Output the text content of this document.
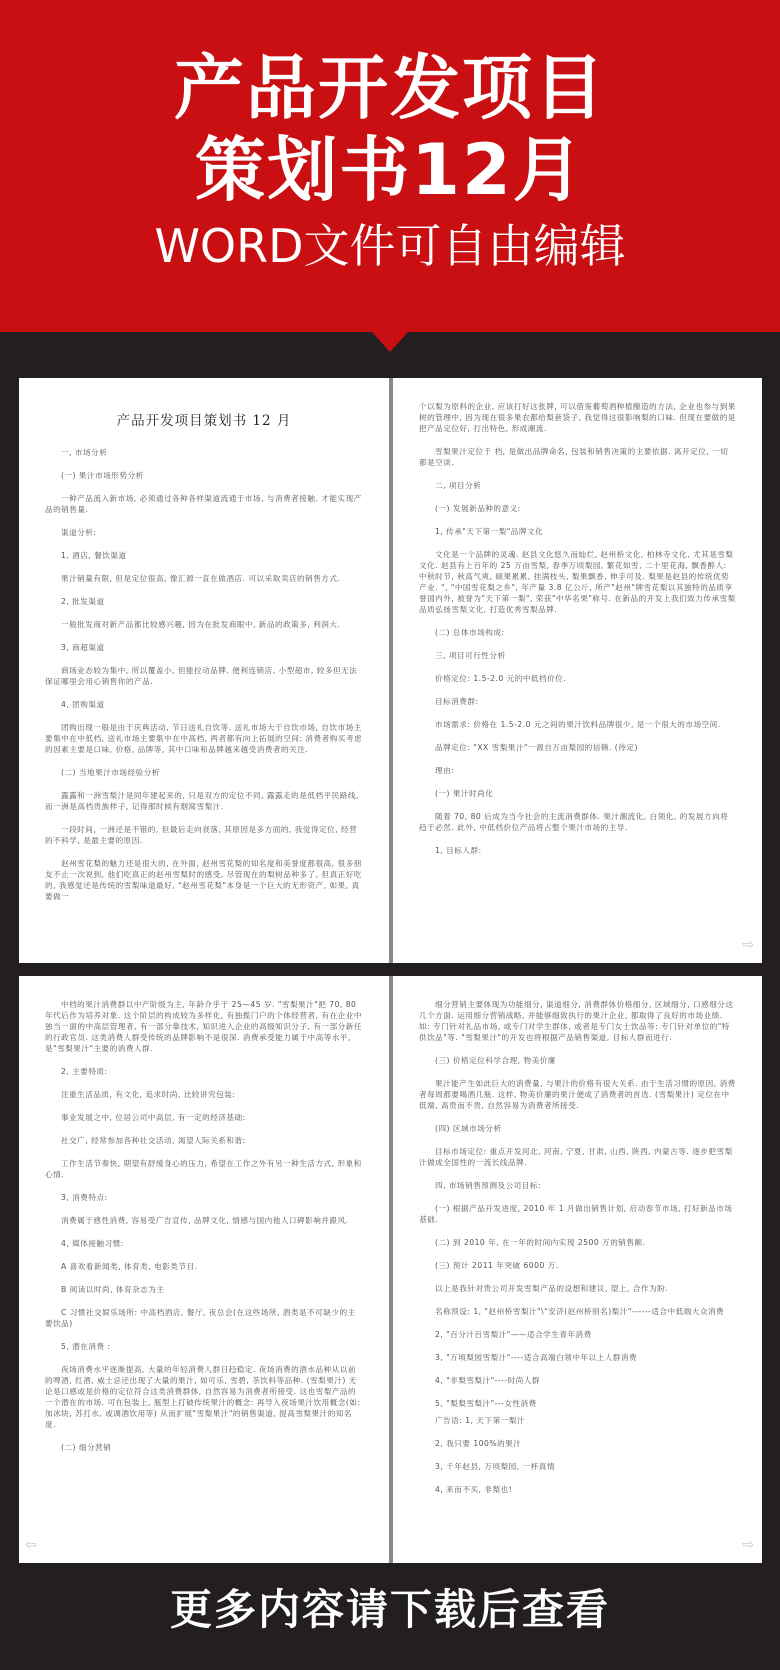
产品开发项目
策划书12月
WORD文件可自由编辑
产品开发项目策划书 12 月
一, 市场分析
(一) 果汁市场形势分析
一种产品流入新市场, 必须通过各种各样渠道流通于市场, 与消费者接触. 才能实现产品的销售量.
渠道分析:
1, 酒店, 餐饮渠道
果汁销量有限, 但是定位很高, 像汇源一直在做酒店. 可以采取卖店的销售方式.
2, 批发渠道
一般批发商对新产品都比较感兴趣, 因为在批发商眼中, 新品的政策多, 利润大.
3, 商超渠道
商场业态较为集中, 所以覆盖小, 但能拉动品牌. 便利连锁店, 小型超市, 较多但无法保证哪里会用心销售你的产品.
4, 团购渠道
团购出现一般是由于庆典活动, 节日送礼自饮等. 送礼市场大于自饮市场, 自饮市场主要集中在中低档, 送礼市场主要集中在中高档, 两者都有向上拓展的空间: 消费者购买考虑的因素主要是口味, 价格, 品牌等, 其中口味和品牌越来越受消费者的关注.
(二) 当地果汁市场经验分析
露露和一洲雪梨汁是同年建起来的, 只是双方的定位不同, 露露走的是低档平民路线, 而一洲是高档贵族样子, 记得那时候有烟窝雪梨汁.
一段时间, 一洲还是不错的, 但最后走向衰落, 其原因是多方面的, 我觉得定位, 经营的不科学, 是最主要的原因.
赵州雪花梨的魅力还是很大的, 在外面, 赵州雪花梨的知名度和美誉度都很高, 很多朋友不止一次说到, 他们吃真正的赵州雪梨时的感受, 尽管现在的梨树品种多了, 但真正好吃的, 我感觉还是传统的雪梨味道最好, "赵州雪花梨"本身是一个巨大的无形资产, 如果, 真要做一
个以梨为原料的企业, 应该打好这张牌, 可以借鉴葡萄酒种植酿造的方法, 企业也参与到果树的管理中, 因为现在很多果农都给梨套袋子, 我觉得这很影响梨的口味. 但现在要做的是把产品定位好, 打出特色, 形成潮流.
雪梨果汁定位于 档, 是做出品牌命名, 包装和销售决策的主要依据. 离开定位, 一切都是空谈.
二, 项目分析
(一) 发展新品种的意义:
1, 传承"天下第一梨"品牌文化
文化是一个品牌的灵魂. 赵县文化悠久而灿烂, 赵州桥文化, 柏林寺文化, 尤其是雪梨文化. 赵县有上百年的 25 万亩雪梨, 春季万顷梨园, 繁花如雪, 二十里花海, 飘香醉人: 中秋时节, 秋高气爽, 硕果累累, 挂满枝头, 梨果飘香, 伸手可及. 梨果是赵县的传统优势产业. ", "中国雪花梨之乡", 年产量 3.8 亿公斤, 所产"赵州"牌雪花梨以其独特的品质享誉国内外, 被誉为"天下第一梨", 荣获"中华名果"称号. 在新品的开发上我们致力传承雪梨品质弘扬雪梨文化, 打造优秀雪梨品牌.
(二) 总体市场构成:
三, 项目可行性分析
价格定位: 1.5-2.0 元的中低档价位.
目标消费群:
市场需求: 价格在 1.5-2.0 元之间的果汁饮料品牌很少, 是一个很大的市场空间.
品牌定位: "XX 雪梨果汁"一源自万亩梨园的信赖. (待定)
理由:
(一) 果汁时尚化
随着 70, 80 后成为当今社会的主流消费群体. 果汁潮流化, 白领化, 的发展方向将趋于必然. 此外, 中低档价位产品将占整个果汁市场的主导.
1, 目标人群:
⇨
中档的果汁消费群以中产阶级为主, 年龄介乎于 25—45 岁. "雪梨果汁"把 70, 80 年代后作为培养对象. 这个阶层的构成较为多样化, 有独揽门户的个体经营者, 有在企业中独当一面的中高层管理者, 有一部分靠技术, 知识进入企业的高级知识分子, 有一部分新任的行政官员. 这类消费人群受传统的品牌影响不是很深. 消费承受能力属于中高等水平, 是"雪梨果汁"主要的消费人群.
2, 主要特质:
注重生活品质, 有文化, 追求时尚, 比较讲究包装:
事业发展之中, 位居公司中高层, 有一定的经济基础:
社交广, 经常参加各种社交活动, 渴望人际关系和谐:
工作生活节奏快, 期望有舒缓身心的压力, 希望在工作之外有另一种生活方式, 形象和心情.
3, 消费特点:
消费属于感性消费, 容易受广告宣传, 品牌文化, 情感与国内他人口碑影响并跟风.
4, 媒体接触习惯:
A 喜欢看新闻类, 体育类, 电影类节目.
B 阅读以时尚, 体育杂志为主
C 习惯社交娱乐场所: 中高档酒店, 餐厅, 夜总会(在这些场所, 酒类是不可缺少的主要饮品)
5, 潜在消费 :
夜场消费水平逐渐提高, 大量的年轻消费人群日趋稳定. 夜场消费的酒水品种从以前的啤酒, 红酒, 威士忌还出现了大量的果汁, 如可乐, 雪碧, 茶饮料等品种. (雪梨果汁) 无论是口感或是价格的定位符合这类消费群体, 自然容易为消费者所接受. 这也雪梨产品的一个潜在的市场. 可在包装上, 瓶型上打破传统果汁的概念: 再导入夜场果汁饮用概念(如: 加冰块, 苏打水, 或调酒饮用等) 从而扩展"雪梨果汁"的销售渠道, 提高雪梨果汁的知名度.
(二) 细分营销
⇦
细分营销主要体现为功能细分, 渠道细分, 消费群体价格细分, 区域细分, 口感细分这几个方面. 运用细分营销战略, 并能够细致执行的果汁企业, 都取得了良好的市场业绩. 如: 专门针对礼品市场, 或专门对学生群体, 或者是专门女士饮品等: 专门针对单位的"特供饮品"等. "雪梨果汁"的开发也将根据产品销售渠道, 目标人群而进行.
(三) 价格定位科学合理, 物美价廉
果汁能产生如此巨大的消费量, 与果汁的价格有很大关系. 由于生活习惯的原因, 消费者每周都要喝酒几瓶. 这样, 物美价廉的果汁便成了消费者的首选. (雪梨果汁) 定位在中低端, 高贵而不贵, 自然容易为消费者所接受.
(四) 区域市场分析
目标市场定位: 重点开发河北, 河南, 宁夏, 甘肃, 山西, 陕西, 内蒙古等. 逐步把雪梨汁做成全国性的一流长线品牌.
四, 市场销售预测及公司目标:
(一) 根据产品开发进度, 2010 年 1 月做出销售计划, 启动春节市场, 打好新品市场基础.
(二) 到 2010 年, 在一年的时间内实现 2500 万的销售额.
(三) 预计 2011 年突破 6000 万.
以上是我针对贵公司开发雪梨产品的设想和建议, 望上, 合作为盼.
名称预设: 1, "赵州桥雪梨汁"\"安济(赵州桥别名)梨汁"------适合中低端大众消费
2, "百分汁百雪梨汁"——适合学生青年消费
3, "万顷梨园雪梨汁"----适合高端白领中年以上人群消费
4, "非梨雪梨汁"----时尚人群
5, "梨梨雪梨汁"---女性消费
广告语: 1, 天下第一梨汁
2, 我只要 100%的果汁
3, 千年赵县, 万顷梨园, 一杯真情
4, 来而不买, 非梨也!
⇨
更多内容请下载后查看
